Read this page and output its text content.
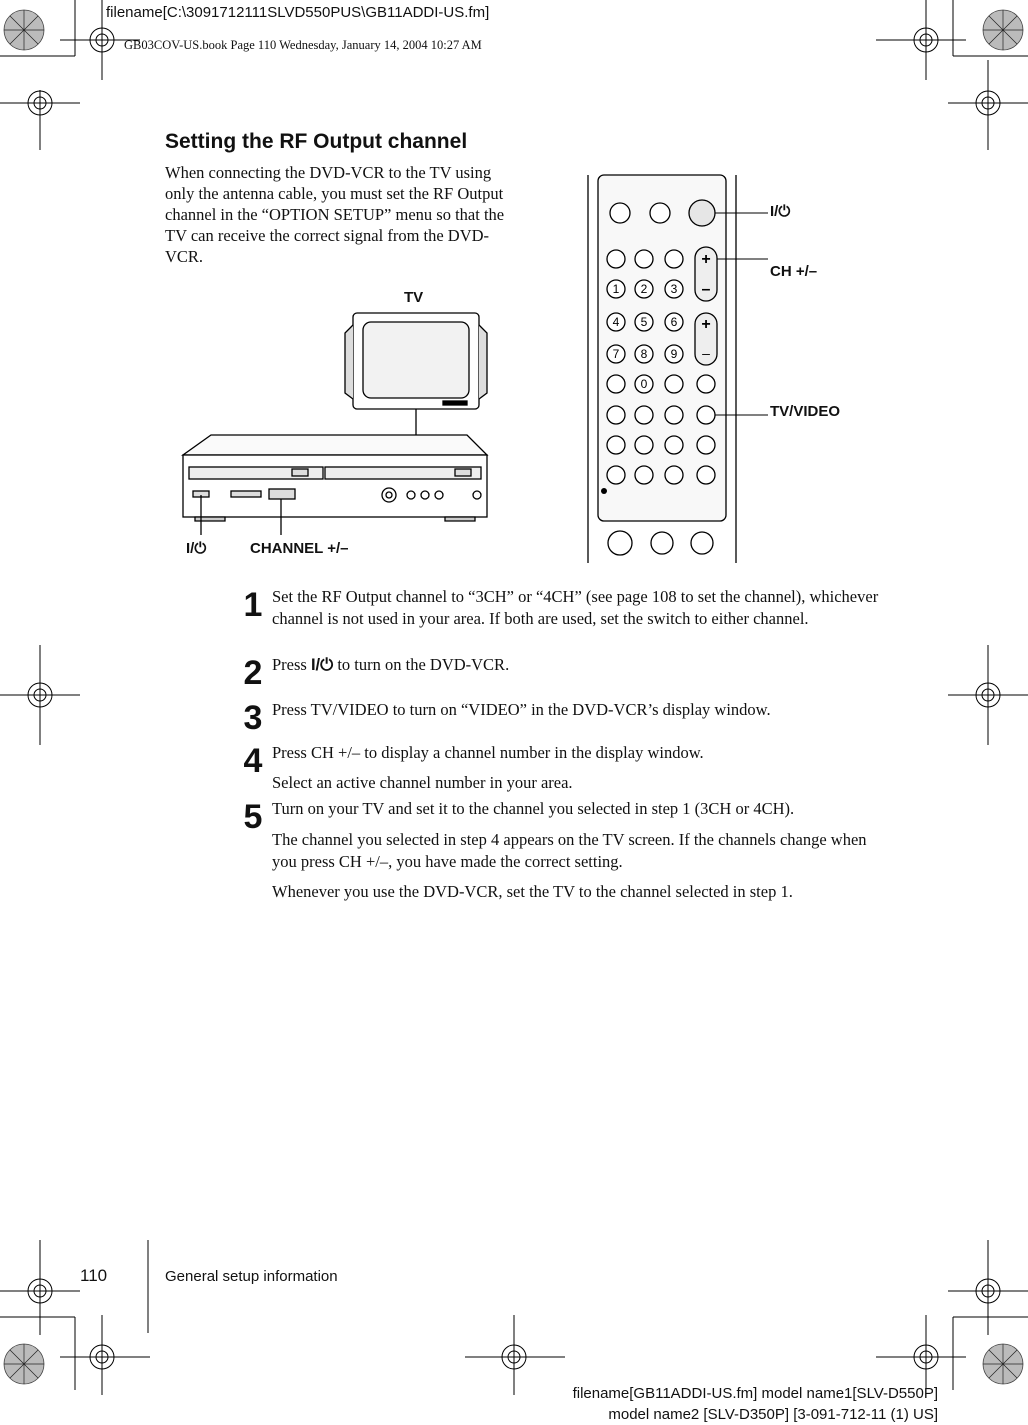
filename[C:\3091712111SLVD550PUS\GB11ADDI-US.fm]
GB03COV-US.book Page 110 Wednesday, January 14, 2004 10:27 AM
Setting the RF Output channel
When connecting the DVD-VCR to the TV using only the antenna cable, you must set the RF Output channel in the “OPTION SETUP” menu so that the TV can receive the correct signal from the DVD-VCR.
TV
I/⏻	CHANNEL +/–
+
–
+
–
1 2 3
4 5 6
7 8 9
0
I/⏻
CH +/–
TV/VIDEO
1 Set the RF Output channel to “3CH” or “4CH” (see page 108 to set the channel), whichever channel is not used in your area. If both are used, set the switch to either channel.
2 Press I/⏻ to turn on the DVD-VCR.
3 Press TV/VIDEO to turn on “VIDEO” in the DVD-VCR’s display window.
4 Press CH +/– to display a channel number in the display window.
Select an active channel number in your area.
5 Turn on your TV and set it to the channel you selected in step 1 (3CH or 4CH).
The channel you selected in step 4 appears on the TV screen. If the channels change when you press CH +/–, you have made the correct setting.
Whenever you use the DVD-VCR, set the TV to the channel selected in step 1.
110	General setup information
filename[GB11ADDI-US.fm] model name1[SLV-D550P]
model name2 [SLV-D350P] [3-091-712-11 (1) US]
